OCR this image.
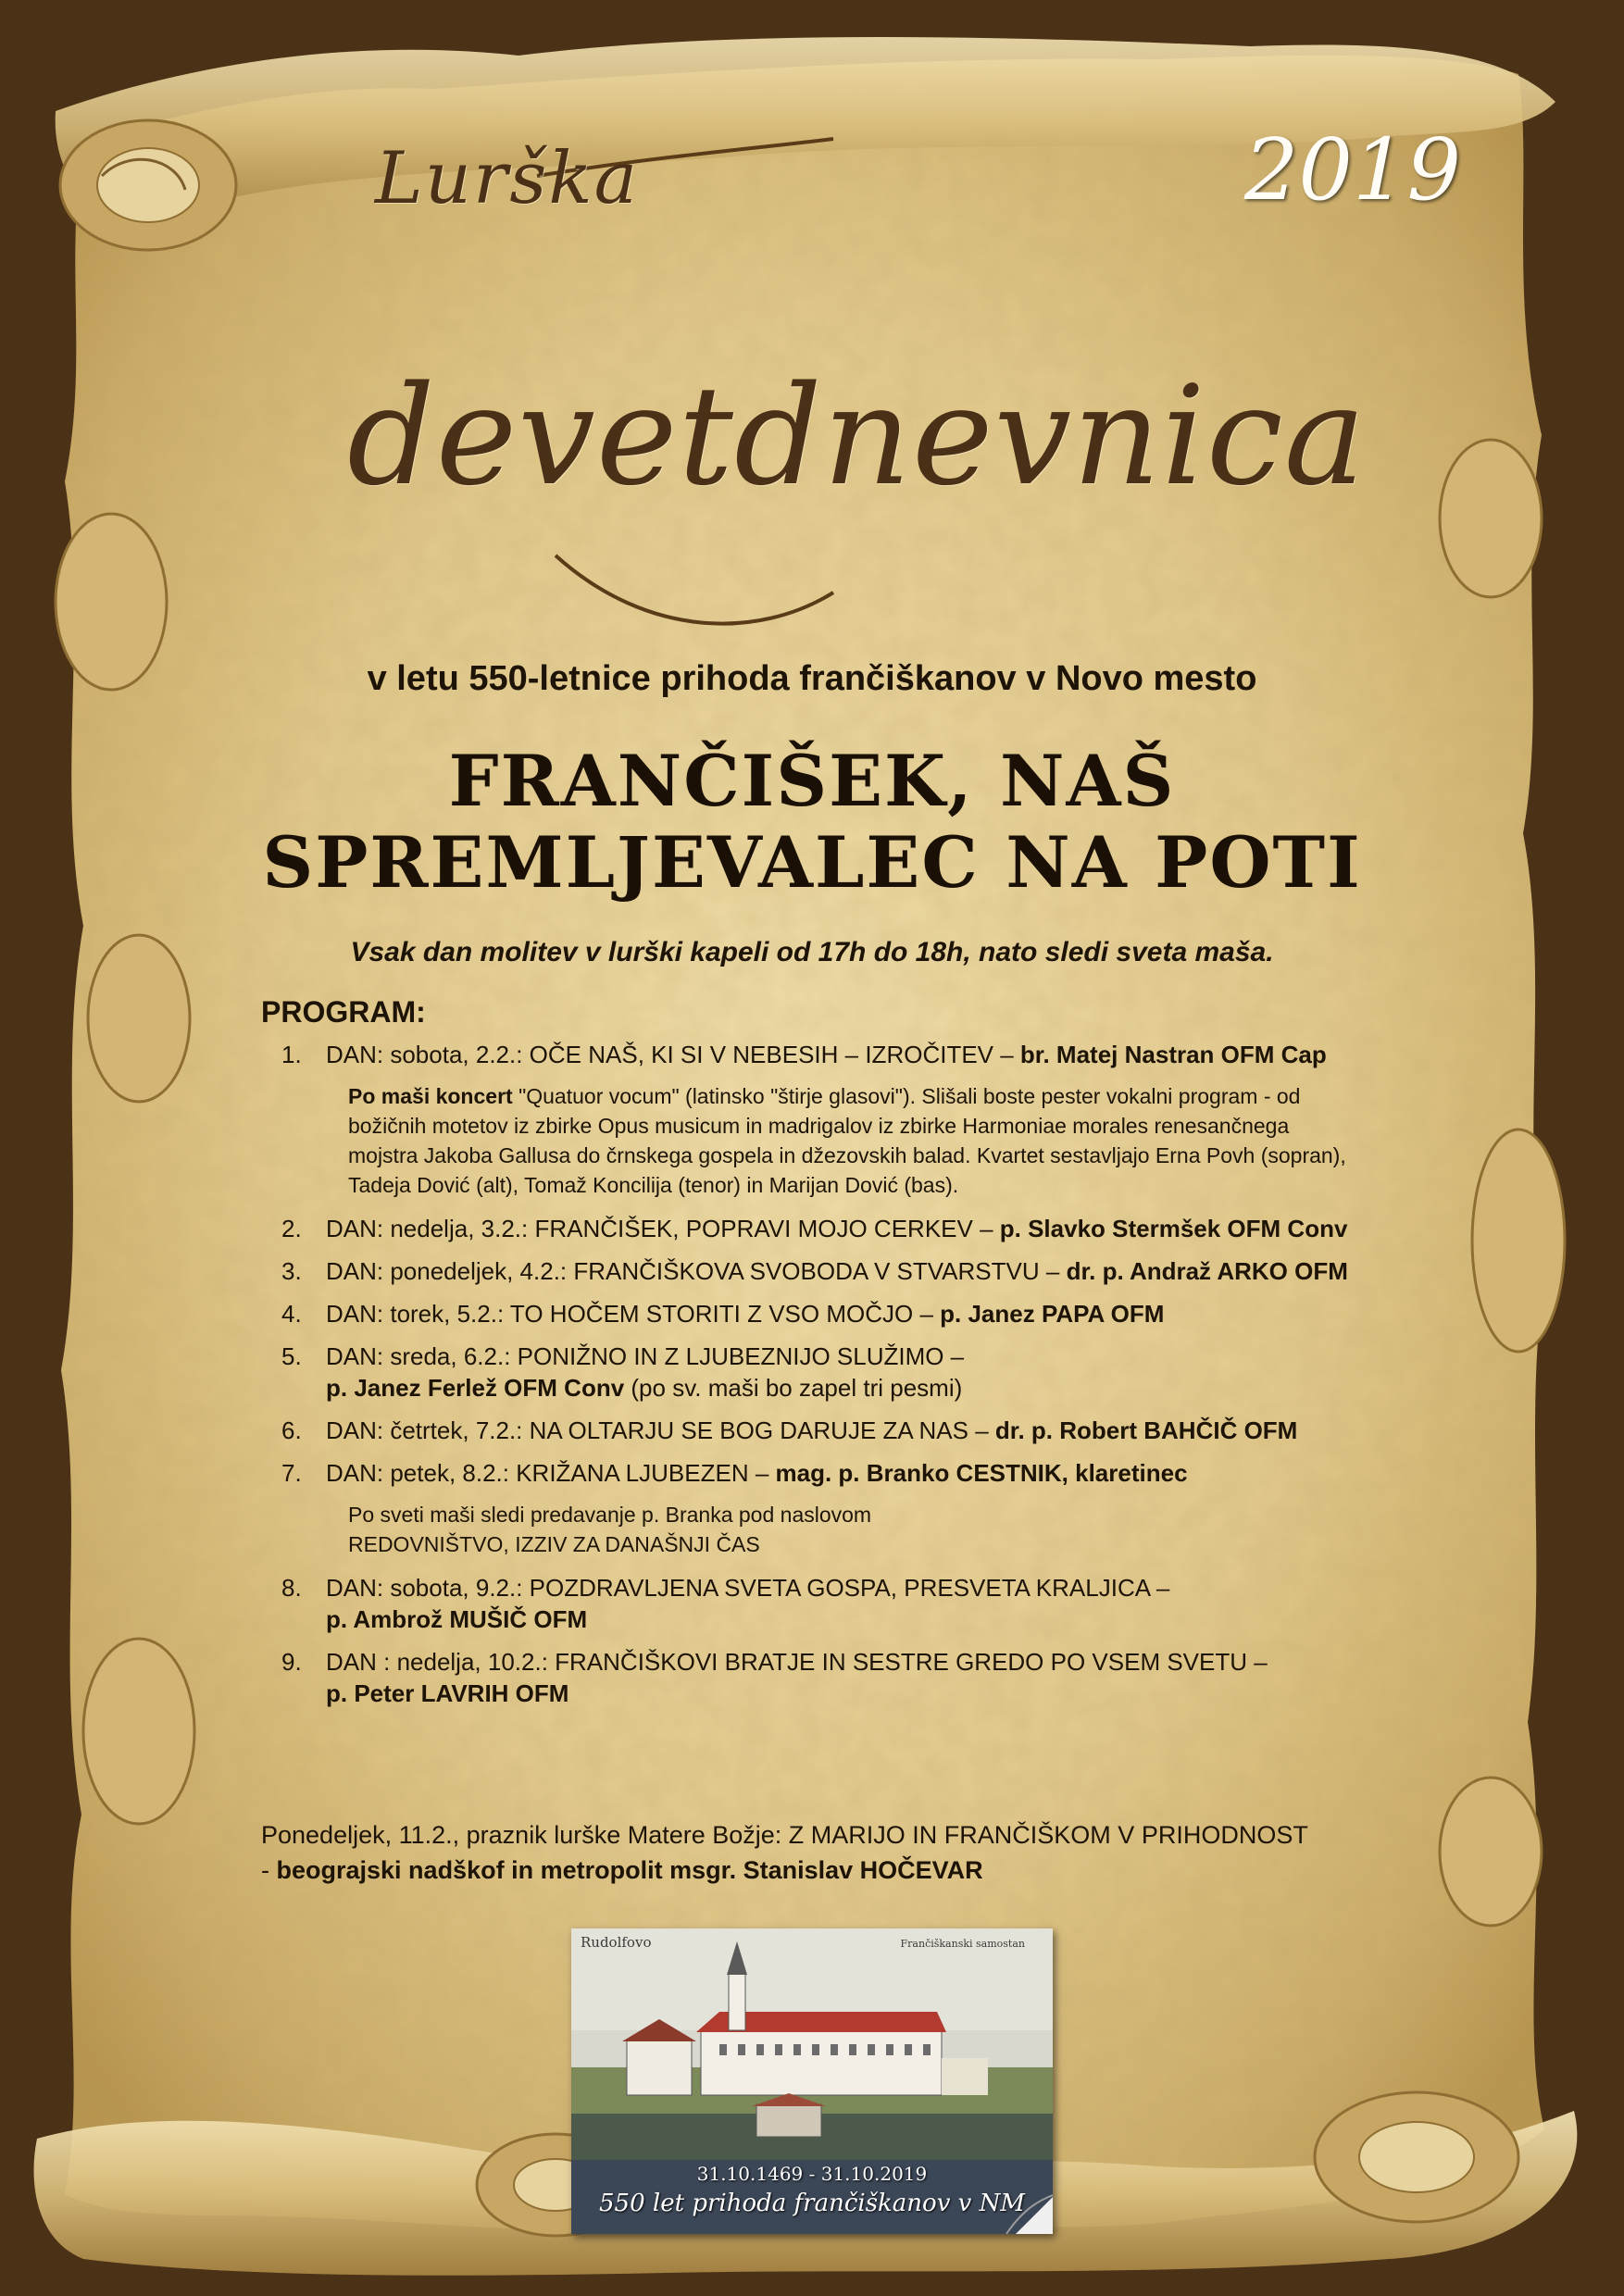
Lurška
devetdnevnica
2019
v letu 550-letnice prihoda frančiškanov v Novo mesto
FRANČIŠEK, NAŠ
SPREMLJEVALEC NA POTI
Vsak dan molitev v lurški kapeli od 17h do 18h, nato sledi sveta maša.
PROGRAM:
1. DAN: sobota, 2.2.: OČE NAŠ, KI SI V NEBESIH – IZROČITEV – br. Matej Nastran OFM Cap
Po maši koncert "Quatuor vocum" (latinsko "štirje glasovi"). Slišali boste pester vokalni program - od božičnih motetov iz zbirke Opus musicum in madrigalov iz zbirke Harmoniae morales renesančnega mojstra Jakoba Gallusa do črnskega gospela in džezovskih balad. Kvartet sestavljajo Erna Povh (sopran), Tadeja Dović (alt), Tomaž Koncilija (tenor) in Marijan Dović (bas).
2. DAN: nedelja, 3.2.: FRANČIŠEK, POPRAVI MOJO CERKEV – p. Slavko Stermšek OFM Conv
3. DAN: ponedeljek, 4.2.: FRANČIŠKOVA SVOBODA V STVARSTVU – dr. p. Andraž ARKO OFM
4. DAN: torek, 5.2.: TO HOČEM STORITI Z VSO MOČJO – p. Janez PAPA OFM
5. DAN: sreda, 6.2.: PONIŽNO IN Z LJUBEZNIJO SLUŽIMO –
p. Janez Ferlež OFM Conv (po sv. maši bo zapel tri pesmi)
6. DAN: četrtek, 7.2.: NA OLTARJU SE BOG DARUJE ZA NAS – dr. p. Robert BAHČIČ OFM
7. DAN: petek, 8.2.: KRIŽANA LJUBEZEN – mag. p. Branko CESTNIK, klaretinec
Po sveti maši sledi predavanje p. Branka pod naslovom
REDOVNIŠTVO, IZZIV ZA DANAŠNJI ČAS
8. DAN: sobota, 9.2.: POZDRAVLJENA SVETA GOSPA, PRESVETA KRALJICA –
p. Ambrož MUŠIČ OFM
9. DAN : nedelja, 10.2.: FRANČIŠKOVI BRATJE IN SESTRE GREDO PO VSEM SVETU –
p. Peter LAVRIH OFM
Ponedeljek, 11.2., praznik lurške Matere Božje: Z MARIJO IN FRANČIŠKOM V PRIHODNOST - beograjski nadškof in metropolit msgr. Stanislav HOČEVAR
Rudolfovo	Frančiškanski samostan
31.10.1469 - 31.10.2019
550 let prihoda frančiškanov v NM
